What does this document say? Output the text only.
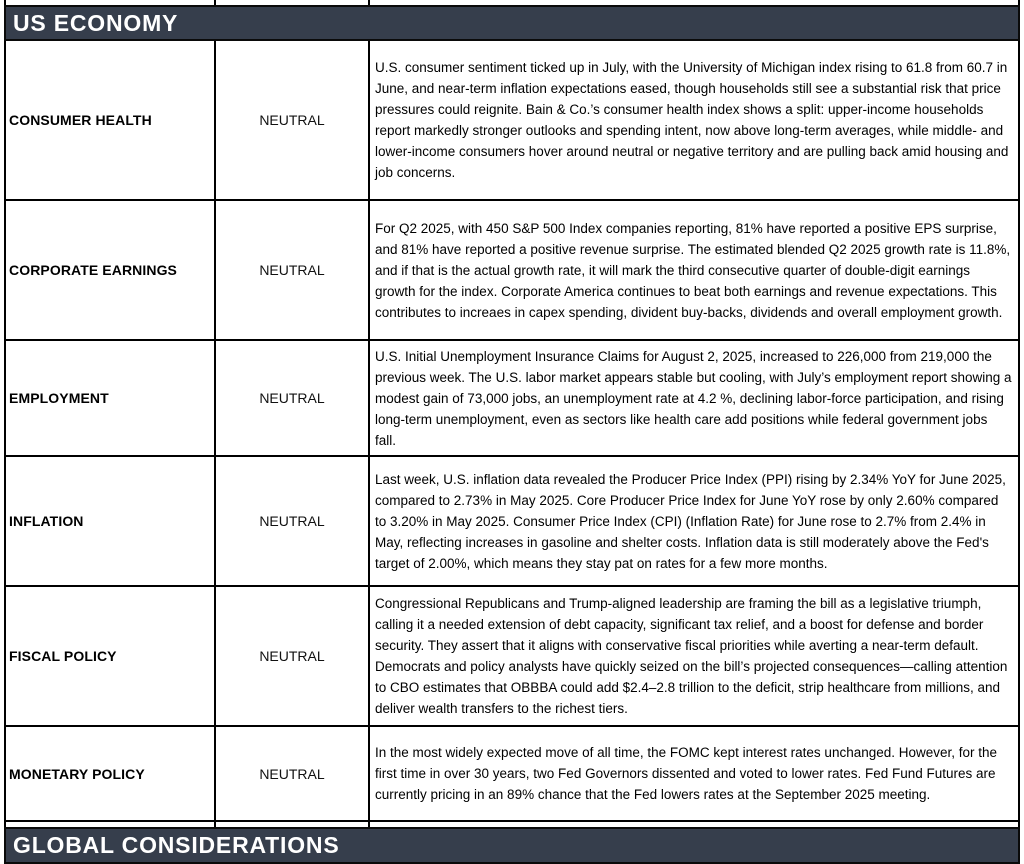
US ECONOMY
CONSUMER HEALTH	NEUTRAL
U.S. consumer sentiment ticked up in July, with the University of Michigan index rising to 61.8 from 60.7 in June, and near-term inflation expectations eased, though households still see a substantial risk that price pressures could reignite. Bain & Co.’s consumer health index shows a split: upper-income households report markedly stronger outlooks and spending intent, now above long-term averages, while middle- and lower-income consumers hover around neutral or negative territory and are pulling back amid housing and job concerns.
CORPORATE EARNINGS	NEUTRAL
For Q2 2025, with 450 S&P 500 Index companies reporting, 81% have reported a positive EPS surprise, and 81% have reported a positive revenue surprise. The estimated blended Q2 2025 growth rate is 11.8%, and if that is the actual growth rate, it will mark the third consecutive quarter of double-digit earnings growth for the index. Corporate America continues to beat both earnings and revenue expectations. This contributes to increaes in capex spending, divident buy-backs, dividends and overall employment growth.
EMPLOYMENT	NEUTRAL
U.S. Initial Unemployment Insurance Claims for August 2, 2025, increased to 226,000 from 219,000 the previous week. The U.S. labor market appears stable but cooling, with July’s employment report showing a modest gain of 73,000 jobs, an unemployment rate at 4.2 %, declining labor-force participation, and rising long-term unemployment, even as sectors like health care add positions while federal government jobs fall.
INFLATION	NEUTRAL
Last week, U.S. inflation data revealed the Producer Price Index (PPI) rising by 2.34% YoY for June 2025, compared to 2.73% in May 2025. Core Producer Price Index for June YoY rose by only 2.60% compared to 3.20% in May 2025. Consumer Price Index (CPI) (Inflation Rate) for June rose to 2.7% from 2.4% in May, reflecting increases in gasoline and shelter costs. Inflation data is still moderately above the Fed's target of 2.00%, which means they stay pat on rates for a few more months.
FISCAL POLICY	NEUTRAL
Congressional Republicans and Trump-aligned leadership are framing the bill as a legislative triumph, calling it a needed extension of debt capacity, significant tax relief, and a boost for defense and border security. They assert that it aligns with conservative fiscal priorities while averting a near-term default. Democrats and policy analysts have quickly seized on the bill’s projected consequences—calling attention to CBO estimates that OBBBA could add $2.4–2.8 trillion to the deficit, strip healthcare from millions, and deliver wealth transfers to the richest tiers.
MONETARY POLICY	NEUTRAL
In the most widely expected move of all time, the FOMC kept interest rates unchanged. However, for the first time in over 30 years, two Fed Governors dissented and voted to lower rates. Fed Fund Futures are currently pricing in an 89% chance that the Fed lowers rates at the September 2025 meeting.
GLOBAL CONSIDERATIONS
